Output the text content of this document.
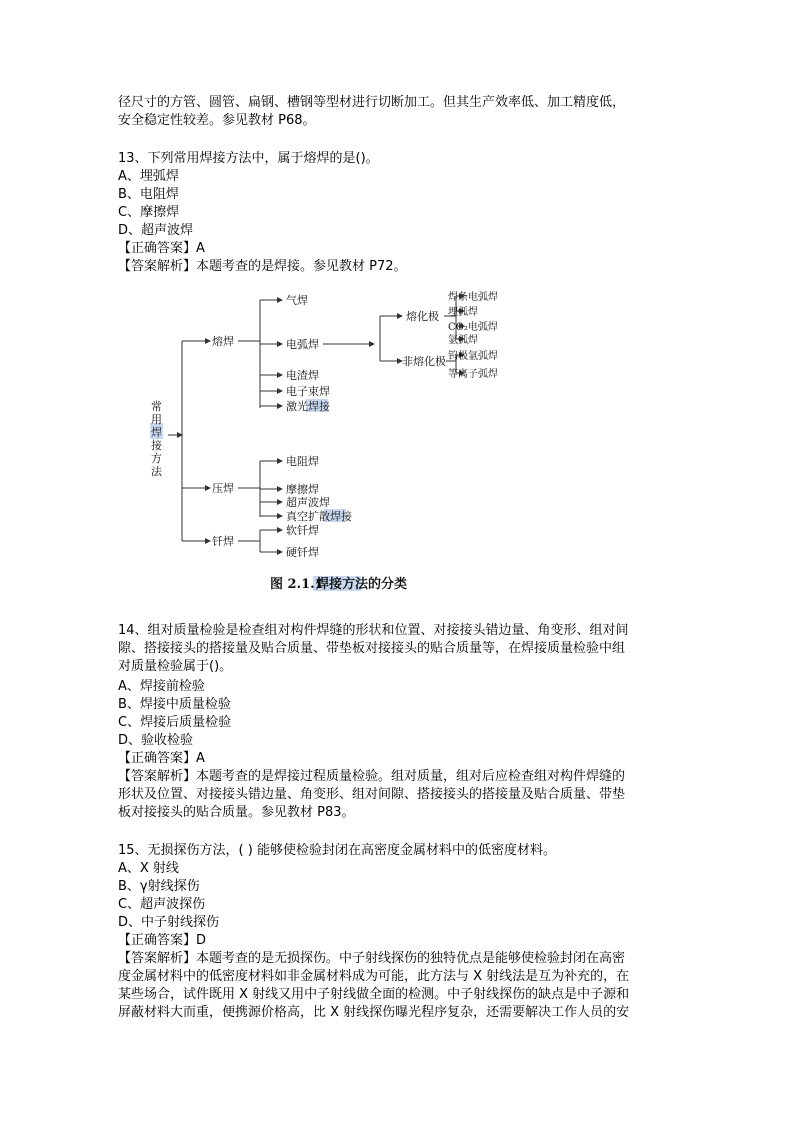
径尺寸的方管、圆管、扁钢、槽钢等型材进行切断加工。但其生产效率低、加工精度低，
安全稳定性较差。参见教材 P68。
13、下列常用焊接方法中，属于熔焊的是()。
A、埋弧焊
B、电阻焊
C、摩擦焊
D、超声波焊
【正确答案】A
【答案解析】本题考查的是焊接。参见教材 P72。
常
用
焊
接
方
法
熔焊
气焊
电弧焊
电渣焊
电子束焊
激光焊接
熔化极
非熔化极
焊条电弧焊
埋弧焊
CO₂电弧焊
氩弧焊
钨极氩弧焊
等离子弧焊
压焊
电阻焊
摩擦焊
超声波焊
真空扩散焊接
钎焊
软钎焊
硬钎焊
图 2.1.1
焊接方法的分类
14、组对质量检验是检查组对构件焊缝的形状和位置、对接接头错边量、角变形、组对间
隙、搭接接头的搭接量及贴合质量、带垫板对接接头的贴合质量等，在焊接质量检验中组
对质量检验属于()。
A、焊接前检验
B、焊接中质量检验
C、焊接后质量检验
D、验收检验
【正确答案】A
【答案解析】本题考查的是焊接过程质量检验。组对质量，组对后应检查组对构件焊缝的
形状及位置、对接接头错边量、角变形、组对间隙、搭接接头的搭接量及贴合质量、带垫
板对接接头的贴合质量。参见教材 P83。
15、无损探伤方法，( ) 能够使检验封闭在高密度金属材料中的低密度材料。
A、X 射线
B、γ射线探伤
C、超声波探伤
D、中子射线探伤
【正确答案】D
【答案解析】本题考查的是无损探伤。中子射线探伤的独特优点是能够使检验封闭在高密
度金属材料中的低密度材料如非金属材料成为可能，此方法与 X 射线法是互为补充的，在
某些场合，试件既用 X 射线又用中子射线做全面的检测。中子射线探伤的缺点是中子源和
屏蔽材料大而重，便携源价格高，比 X 射线探伤曝光程序复杂，还需要解决工作人员的安
